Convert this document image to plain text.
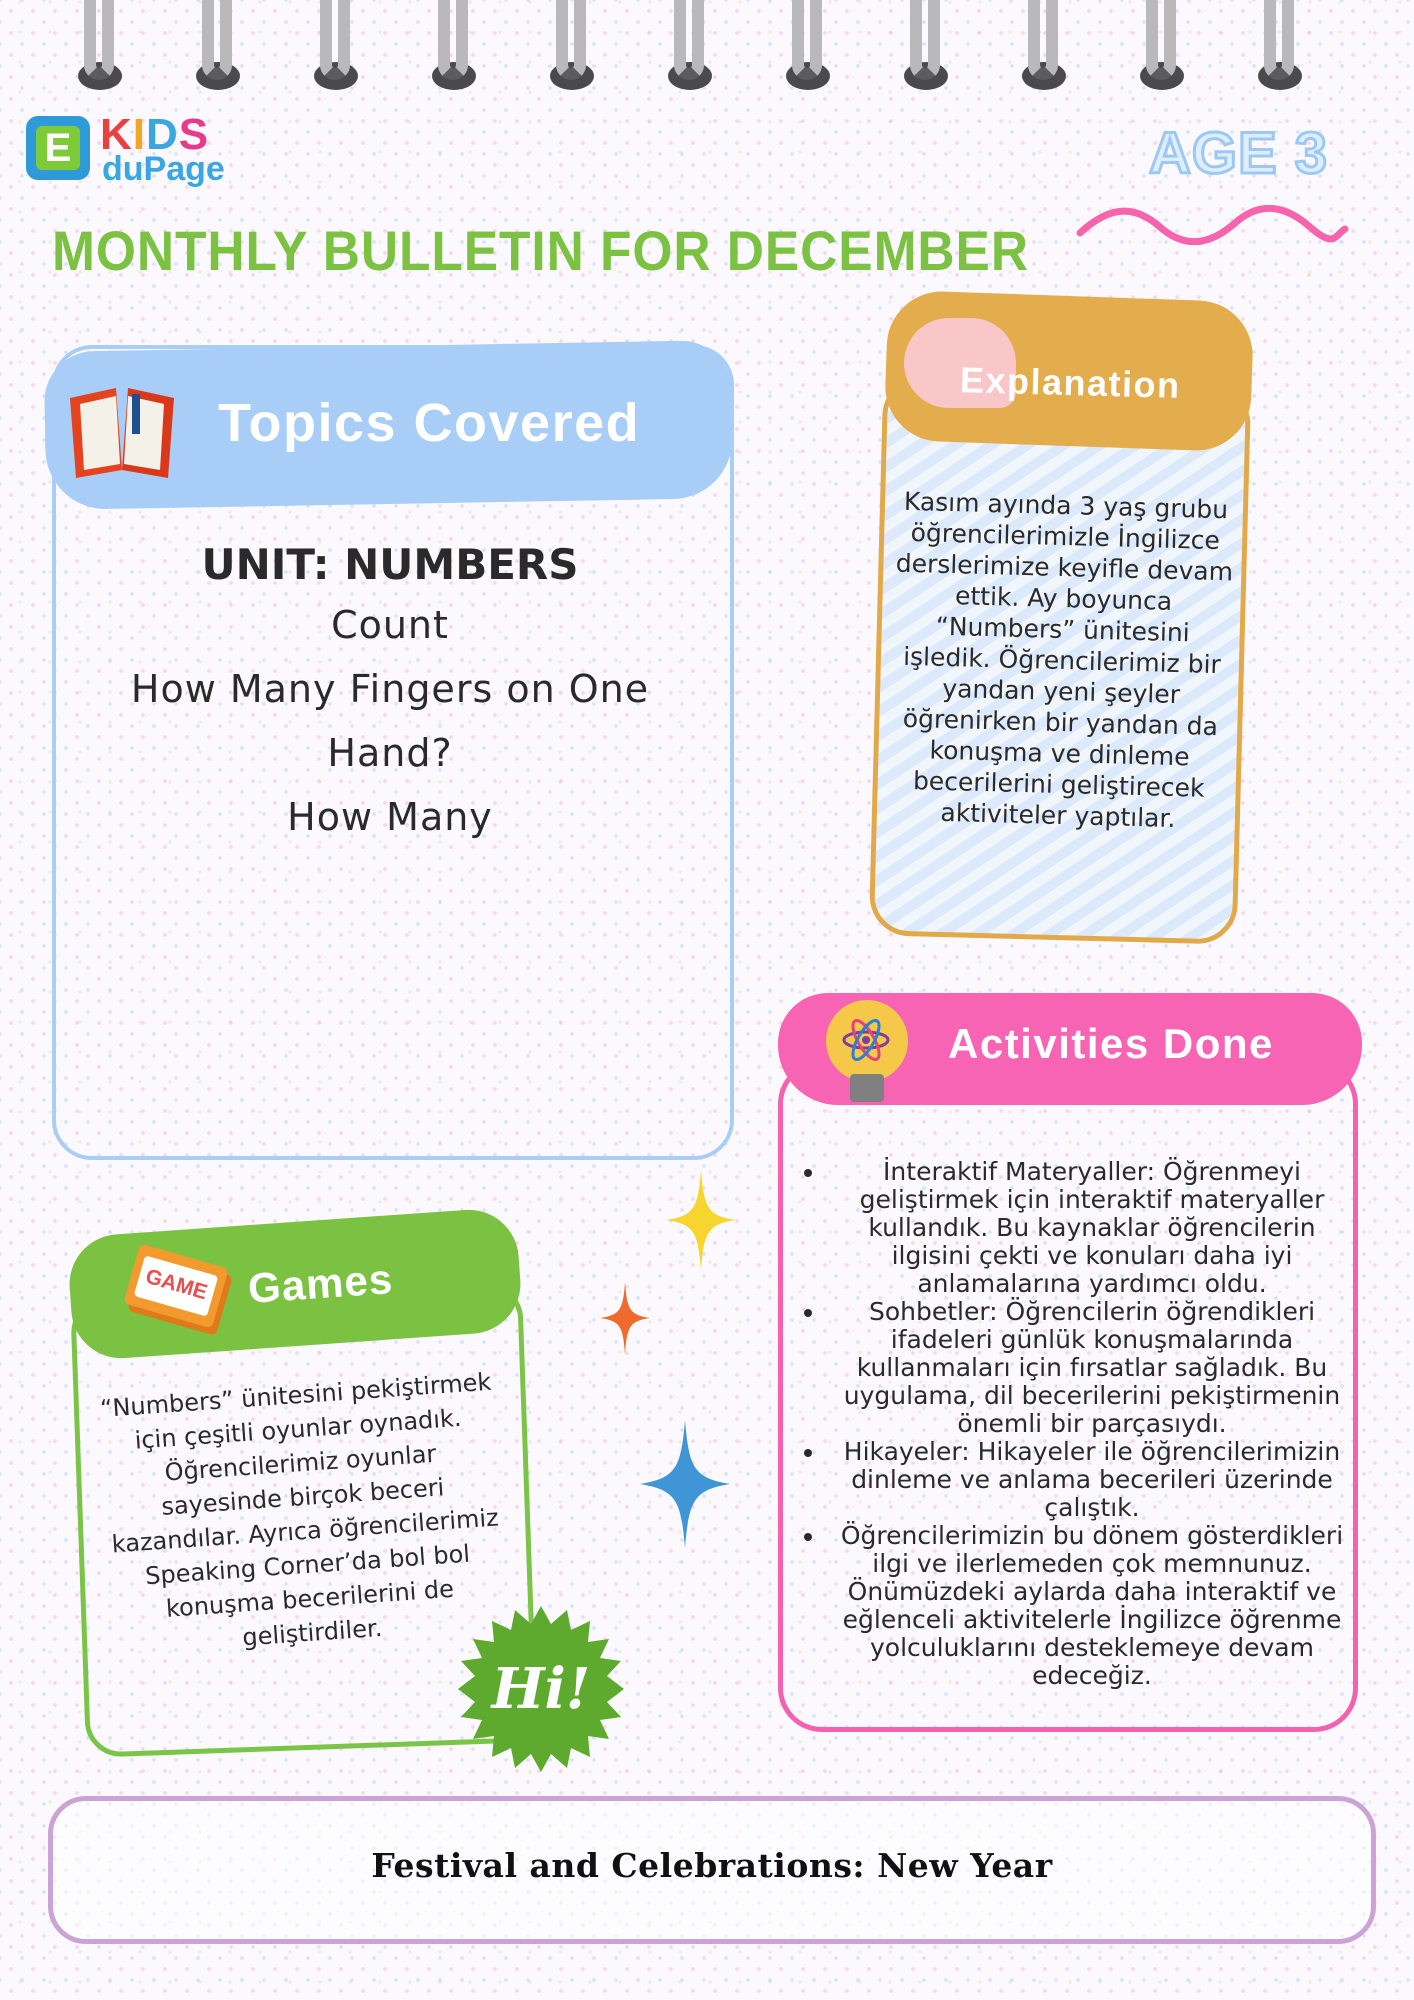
E KIDS
duPage	AGE 3
MONTHLY BULLETIN FOR DECEMBER
Topics Covered
UNIT: NUMBERS
Count
How Many Fingers on One
Hand?
How Many
Explanation
Kasım ayında 3 yaş grubu öğrencilerimizle İngilizce derslerimize keyifle devam ettik. Ay boyunca “Numbers” ünitesini işledik. Öğrencilerimiz bir yandan yeni şeyler öğrenirken bir yandan da konuşma ve dinleme becerilerini geliştirecek aktiviteler yaptılar.
Activities Done
• İnteraktif Materyaller: Öğrenmeyi geliştirmek için interaktif materyaller kullandık. Bu kaynaklar öğrencilerin ilgisini çekti ve konuları daha iyi anlamalarına yardımcı oldu.
• Sohbetler: Öğrencilerin öğrendikleri ifadeleri günlük konuşmalarında kullanmaları için fırsatlar sağladık. Bu uygulama, dil becerilerini pekiştirmenin önemli bir parçasıydı.
• Hikayeler: Hikayeler ile öğrencilerimizin dinleme ve anlama becerileri üzerinde çalıştık.
• Öğrencilerimizin bu dönem gösterdikleri ilgi ve ilerlemeden çok memnunuz. Önümüzdeki aylarda daha interaktif ve eğlenceli aktivitelerle İngilizce öğrenme yolculuklarını desteklemeye devam edeceğiz.
GAME Games
“Numbers” ünitesini pekiştirmek için çeşitli oyunlar oynadık. Öğrencilerimiz oyunlar sayesinde birçok beceri kazandılar. Ayrıca öğrencilerimiz Speaking Corner’da bol bol konuşma becerilerini de geliştirdiler.
Hi!
Festival and Celebrations: New Year
